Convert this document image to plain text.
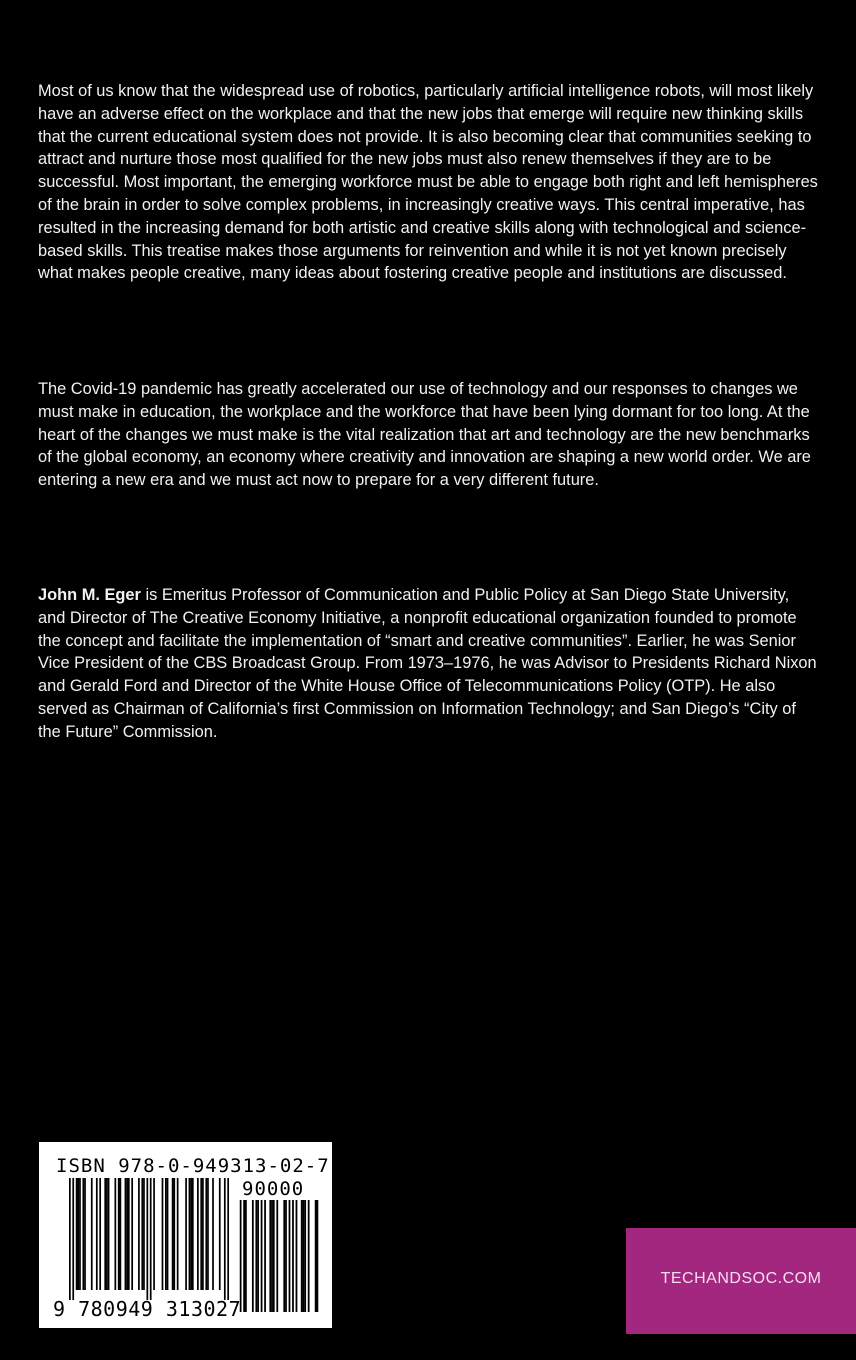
Most of us know that the widespread use of robotics, particularly artificial intelligence robots, will most likely have an adverse effect on the workplace and that the new jobs that emerge will require new thinking skills that the current educational system does not provide. It is also becoming clear that communities seeking to attract and nurture those most qualified for the new jobs must also renew themselves if they are to be successful. Most important, the emerging workforce must be able to engage both right and left hemispheres of the brain in order to solve complex problems, in increasingly creative ways. This central imperative, has resulted in the increasing demand for both artistic and creative skills along with technological and science-based skills. This treatise makes those arguments for reinvention and while it is not yet known precisely what makes people creative, many ideas about fostering creative people and institutions are discussed.

The Covid-19 pandemic has greatly accelerated our use of technology and our responses to changes we must make in education, the workplace and the workforce that have been lying dormant for too long. At the heart of the changes we must make is the vital realization that art and technology are the new benchmarks of the global economy, an economy where creativity and innovation are shaping a new world order. We are entering a new era and we must act now to prepare for a very different future.

John M. Eger is Emeritus Professor of Communication and Public Policy at San Diego State University, and Director of The Creative Economy Initiative, a nonprofit educational organization founded to promote the concept and facilitate the implementation of “smart and creative communities”. Earlier, he was Senior Vice President of the CBS Broadcast Group. From 1973–1976, he was Advisor to Presidents Richard Nixon and Gerald Ford and Director of the White House Office of Telecommunications Policy (OTP). He also served as Chairman of California’s first Commission on Information Technology; and San Diego’s “City of the Future” Commission.

ISBN 978-0-949313-02-7
90000
9 780949 313027
TECHANDSOC.COM
